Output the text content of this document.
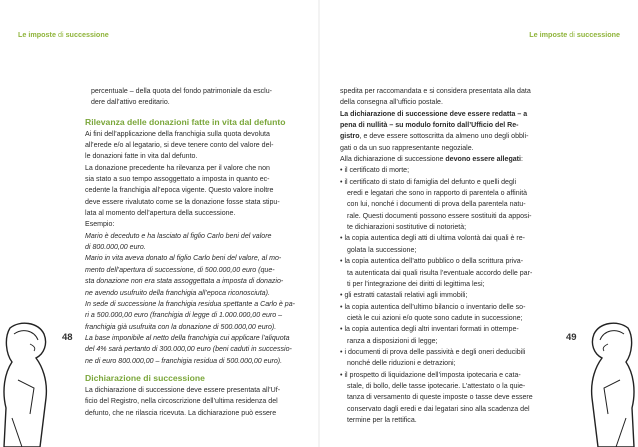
Le imposte di successione	Le imposte di successione

percentuale – della quota del fondo patrimoniale da esclu-

dere dall’attivo ereditario.

Rilevanza delle donazioni fatte in vita dal defunto

Ai fini dell’applicazione della franchigia sulla quota devoluta

all’erede e/o al legatario, si deve tenere conto del valore del-

le donazioni fatte in vita dal defunto.

La donazione precedente ha rilevanza per il valore che non

sia stato a suo tempo assoggettato a imposta in quanto ec-

cedente la franchigia all’epoca vigente. Questo valore inoltre

deve essere rivalutato come se la donazione fosse stata stipu-

lata al momento dell’apertura della successione.

Esempio:

Mario è deceduto e ha lasciato al figlio Carlo beni del valore

di 800.000,00 euro.

Mario in vita aveva donato al figlio Carlo beni del valore, al mo-

mento dell’apertura di successione, di 500.000,00 euro (que-

sta donazione non era stata assoggettata a imposta di donazio-

ne avendo usufruito della franchigia all’epoca riconosciuta).

In sede di successione la franchigia residua spettante a Carlo è pa-

ri a 500.000,00 euro (franchigia di legge di 1.000.000,00 euro –

franchigia già usufruita con la donazione di 500.000,00 euro).

La base imponibile al netto della franchigia cui applicare l’aliquota

del 4% sarà pertanto di 300.000,00 euro (beni caduti in successio-

ne di euro 800.000,00 – franchigia residua di 500.000,00 euro).

Dichiarazione di successione

La dichiarazione di successione deve essere presentata all’Uf-

ficio del Registro, nella circoscrizione dell’ultima residenza del

defunto, che ne rilascia ricevuta. La dichiarazione può essere

spedita per raccomandata e si considera presentata alla data

della consegna all’ufficio postale.

La dichiarazione di successione deve essere redatta – a

pena di nullità – su modulo fornito dall’Ufficio del Re-

gistro, e deve essere sottoscritta da almeno uno degli obbli-

gati o da un suo rappresentante negoziale.

Alla dichiarazione di successione devono essere allegati:

• il certificato di morte;

• il certificato di stato di famiglia del defunto e quelli degli

eredi e legatari che sono in rapporto di parentela o affinità

con lui, nonché i documenti di prova della parentela natu-

rale. Questi documenti possono essere sostituiti da apposi-

te dichiarazioni sostitutive di notorietà;

• la copia autentica degli atti di ultima volontà dai quali è re-

golata la successione;

• la copia autentica dell’atto pubblico o della scrittura priva-

ta autenticata dai quali risulta l’eventuale accordo delle par-

ti per l’integrazione dei diritti di legittima lesi;

• gli estratti catastali relativi agli immobili;

• la copia autentica dell’ultimo bilancio o inventario delle so-

cietà le cui azioni e/o quote sono cadute in successione;

• la copia autentica degli altri inventari formati in ottempe-

ranza a disposizioni di legge;

• i documenti di prova delle passività e degli oneri deducibili

nonché delle riduzioni e detrazioni;

• il prospetto di liquidazione dell’imposta ipotecaria e cata-

stale, di bollo, delle tasse ipotecarie. L’attestato o la quie-

tanza di versamento di queste imposte o tasse deve essere

conservato dagli eredi e dai legatari sino alla scadenza del

termine per la rettifica.

48	49
